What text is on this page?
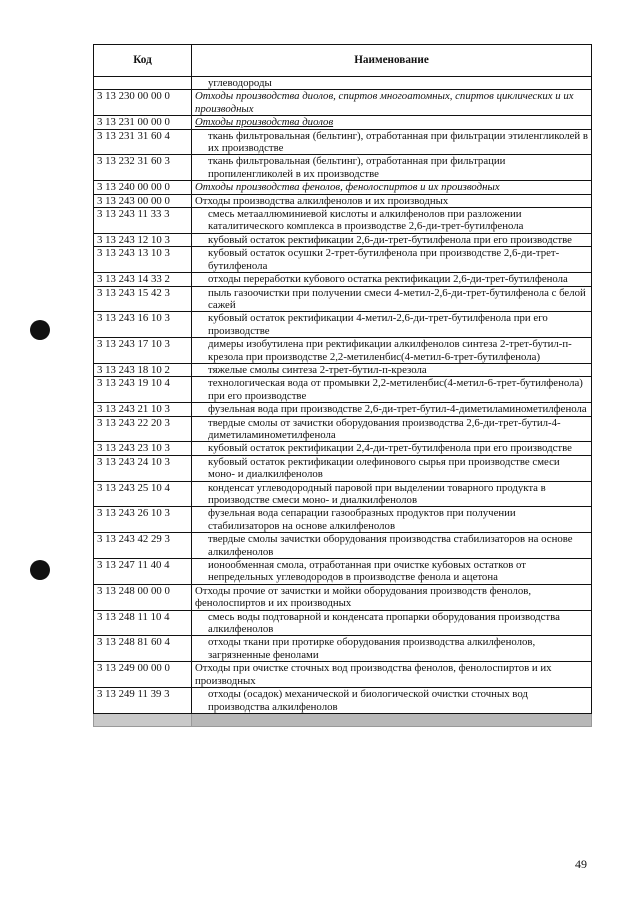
Код	Наименование
	углеводороды
3 13 230 00 00 0	Отходы производства диолов, спиртов многоатомных, спиртов циклических и их производных
3 13 231 00 00 0	Отходы производства диолов
3 13 231 31 60 4	ткань фильтровальная (бельтинг), отработанная при фильтрации этиленгликолей в их производстве
3 13 232 31 60 3	ткань фильтровальная (бельтинг), отработанная при фильтрации пропиленгликолей в их производстве
3 13 240 00 00 0	Отходы производства фенолов, фенолоспиртов и их производных
3 13 243 00 00 0	Отходы производства алкилфенолов и их производных
3 13 243 11 33 3	смесь метааллюминиевой кислоты и алкилфенолов при разложении каталитического комплекса в производстве 2,6-ди-трет-бутилфенола
3 13 243 12 10 3	кубовый остаток ректификации 2,6-ди-трет-бутилфенола при его производстве
3 13 243 13 10 3	кубовый остаток осушки 2-трет-бутилфенола при производстве 2,6-ди-трет-бутилфенола
3 13 243 14 33 2	отходы переработки кубового остатка ректификации 2,6-ди-трет-бутилфенола
3 13 243 15 42 3	пыль газоочистки при получении смеси 4-метил-2,6-ди-трет-бутилфенола с белой сажей
3 13 243 16 10 3	кубовый остаток ректификации 4-метил-2,6-ди-трет-бутилфенола при его производстве
3 13 243 17 10 3	димеры изобутилена при ректификации алкилфенолов синтеза 2-трет-бутил-п-крезола при производстве 2,2-метиленбис(4-метил-6-трет-бутилфенола)
3 13 243 18 10 2	тяжелые смолы синтеза 2-трет-бутил-п-крезола
3 13 243 19 10 4	технологическая вода от промывки 2,2-метиленбис(4-метил-6-трет-бутилфенола) при его производстве
3 13 243 21 10 3	фузельная вода при производстве 2,6-ди-трет-бутил-4-диметиламинометилфенола
3 13 243 22 20 3	твердые смолы от зачистки оборудования производства 2,6-ди-трет-бутил-4-диметиламинометилфенола
3 13 243 23 10 3	кубовый остаток ректификации 2,4-ди-трет-бутилфенола при его производстве
3 13 243 24 10 3	кубовый остаток ректификации олефинового сырья при производстве смеси моно- и диалкилфенолов
3 13 243 25 10 4	конденсат углеводородный паровой при выделении товарного продукта в производстве смеси моно- и диалкилфенолов
3 13 243 26 10 3	фузельная вода сепарации газообразных продуктов при получении стабилизаторов на основе алкилфенолов
3 13 243 42 29 3	твердые смолы зачистки оборудования производства стабилизаторов на основе алкилфенолов
3 13 247 11 40 4	ионообменная смола, отработанная при очистке кубовых остатков от непредельных углеводородов в производстве фенола и ацетона
3 13 248 00 00 0	Отходы прочие от зачистки и мойки оборудования производств фенолов, фенолоспиртов и их производных
3 13 248 11 10 4	смесь воды подтоварной и конденсата пропарки оборудования производства алкилфенолов
3 13 248 81 60 4	отходы ткани при протирке оборудования производства алкилфенолов, загрязненные фенолами
3 13 249 00 00 0	Отходы при очистке сточных вод производства фенолов, фенолоспиртов и их производных
3 13 249 11 39 3	отходы (осадок) механической и биологической очистки сточных вод производства алкилфенолов

49
